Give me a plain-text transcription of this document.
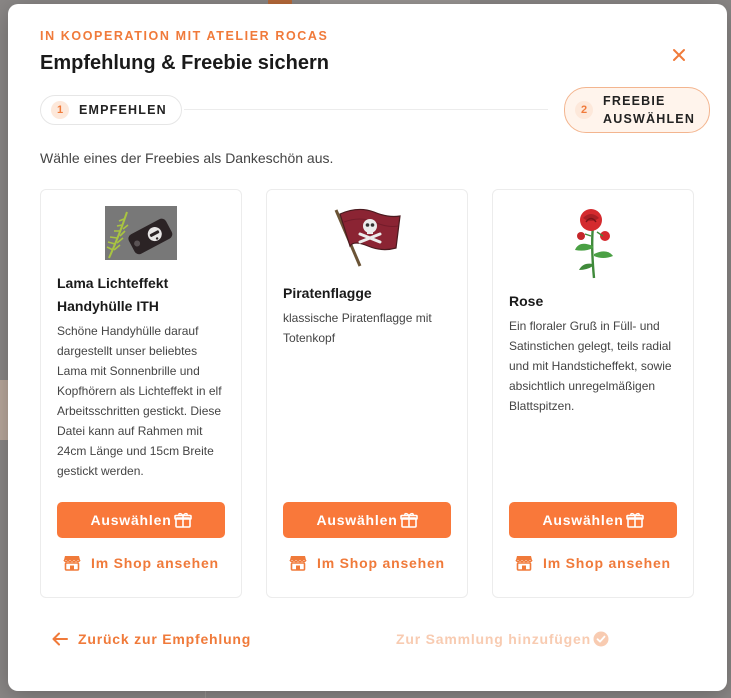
IN KOOPERATION MIT ATELIER ROCAS
Empfehlung & Freebie sichern
1	EMPFEHLEN	2
FREEBIE AUSWÄHLEN
Wähle eines der Freebies als Dankeschön aus.
Lama Lichteffekt Handyhülle ITH
Schöne Handyhülle darauf dargestellt unser beliebtes Lama mit Sonnenbrille und Kopfhörern als Lichteffekt in elf Arbeitsschritten gestickt. Diese Datei kann auf Rahmen mit 24cm Länge und 15cm Breite gestickt werden.
Auswählen
Im Shop ansehen
Piratenflagge
klassische Piratenflagge mit Totenkopf
Auswählen
Im Shop ansehen
Rose
Ein floraler Gruß in Füll- und Satinstichen gelegt, teils radial und mit Handsticheffekt, sowie absichtlich unregelmäßigen Blattspitzen.
Auswählen
Im Shop ansehen
Zurück zur Empfehlung	Zur Sammlung hinzufügen
